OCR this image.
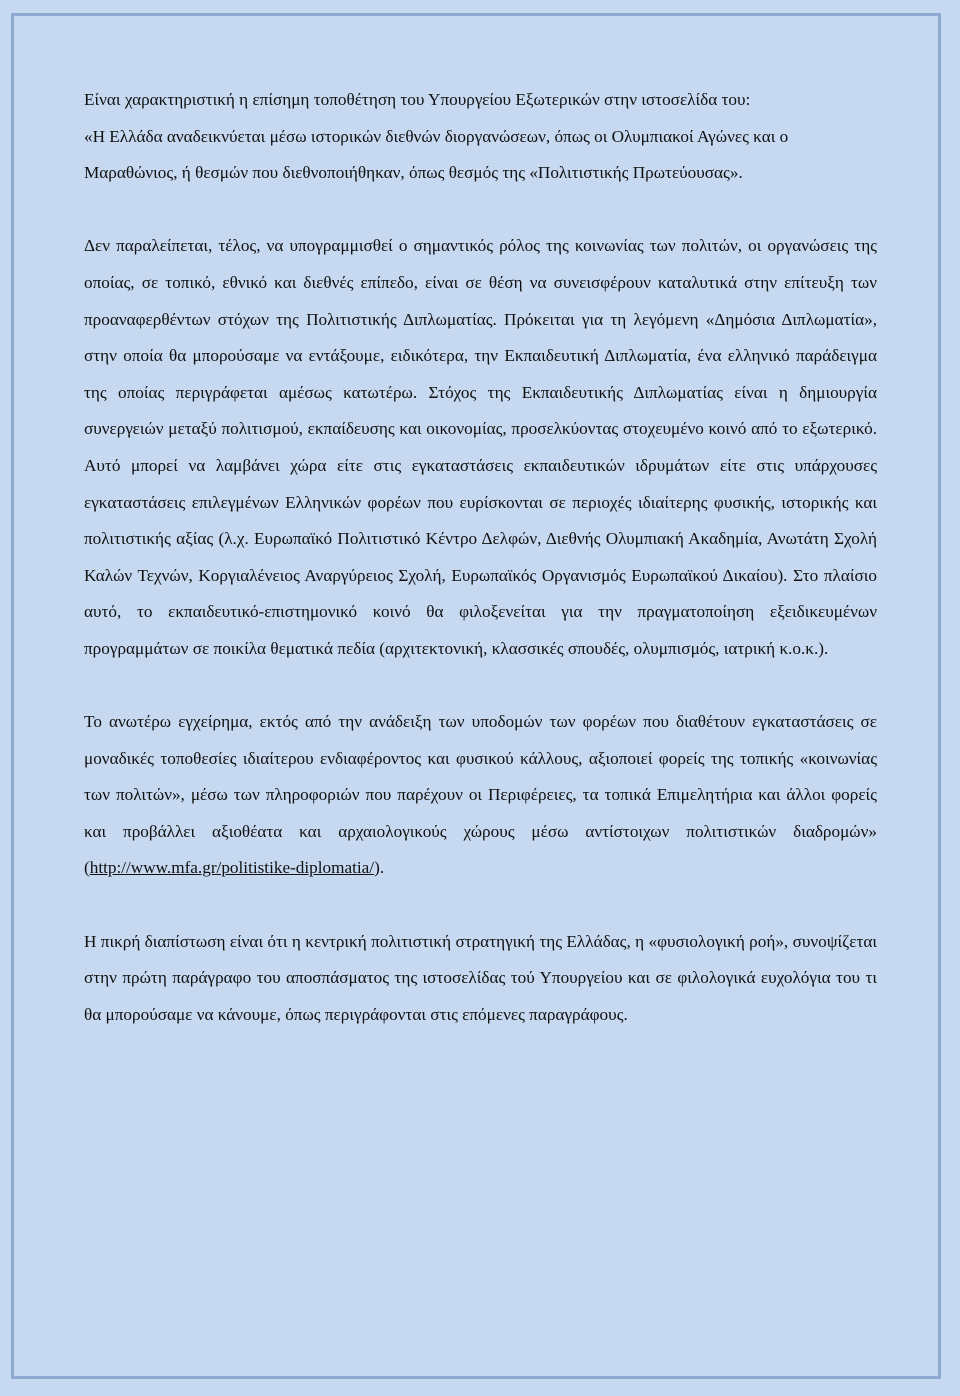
Είναι χαρακτηριστική η επίσημη τοποθέτηση του Υπουργείου Εξωτερικών στην ιστοσελίδα του:

«Η Ελλάδα αναδεικνύεται μέσω ιστορικών διεθνών διοργανώσεων, όπως οι Ολυμπιακοί Αγώνες και ο Μαραθώνιος, ή θεσμών που διεθνοποιήθηκαν, όπως θεσμός της «Πολιτιστικής Πρωτεύουσας».

Δεν παραλείπεται, τέλος, να υπογραμμισθεί ο σημαντικός ρόλος της κοινωνίας των πολιτών, οι οργανώσεις της οποίας, σε τοπικό, εθνικό και διεθνές επίπεδο, είναι σε θέση να συνεισφέρουν καταλυτικά στην επίτευξη των προαναφερθέντων στόχων της Πολιτιστικής Διπλωματίας. Πρόκειται για τη λεγόμενη «Δημόσια Διπλωματία», στην οποία θα μπορούσαμε να εντάξουμε, ειδικότερα, την Εκπαιδευτική Διπλωματία, ένα ελληνικό παράδειγμα της οποίας περιγράφεται αμέσως κατωτέρω. Στόχος της Εκπαιδευτικής Διπλωματίας είναι η δημιουργία συνεργειών μεταξύ πολιτισμού, εκπαίδευσης και οικονομίας, προσελκύοντας στοχευμένο κοινό από το εξωτερικό. Αυτό μπορεί να λαμβάνει χώρα είτε στις εγκαταστάσεις εκπαιδευτικών ιδρυμάτων είτε στις υπάρχουσες εγκαταστάσεις επιλεγμένων Ελληνικών φορέων που ευρίσκονται σε περιοχές ιδιαίτερης φυσικής, ιστορικής και πολιτιστικής αξίας (λ.χ. Ευρωπαϊκό Πολιτιστικό Κέντρο Δελφών, Διεθνής Ολυμπιακή Ακαδημία, Ανωτάτη Σχολή Καλών Τεχνών, Κοργιαλένειος Αναργύρειος Σχολή, Ευρωπαϊκός Οργανισμός Ευρωπαϊκού Δικαίου). Στο πλαίσιο αυτό, το εκπαιδευτικό-επιστημονικό κοινό θα φιλοξενείται για την πραγματοποίηση εξειδικευμένων προγραμμάτων σε ποικίλα θεματικά πεδία (αρχιτεκτονική, κλασσικές σπουδές, ολυμπισμός, ιατρική κ.ο.κ.).

Το ανωτέρω εγχείρημα, εκτός από την ανάδειξη των υποδομών των φορέων που διαθέτουν εγκαταστάσεις σε μοναδικές τοποθεσίες ιδιαίτερου ενδιαφέροντος και φυσικού κάλλους, αξιοποιεί φορείς της τοπικής «κοινωνίας των πολιτών», μέσω των πληροφοριών που παρέχουν οι Περιφέρειες, τα τοπικά Επιμελητήρια και άλλοι φορείς και προβάλλει αξιοθέατα και αρχαιολογικούς χώρους μέσω αντίστοιχων πολιτιστικών διαδρομών» (http://www.mfa.gr/politistike-diplomatia/).

Η πικρή διαπίστωση είναι ότι η κεντρική πολιτιστική στρατηγική της Ελλάδας, η «φυσιολογική ροή», συνοψίζεται στην πρώτη παράγραφο του αποσπάσματος της ιστοσελίδας τού Υπουργείου και σε φιλολογικά ευχολόγια του τι θα μπορούσαμε να κάνουμε, όπως περιγράφονται στις επόμενες παραγράφους.
